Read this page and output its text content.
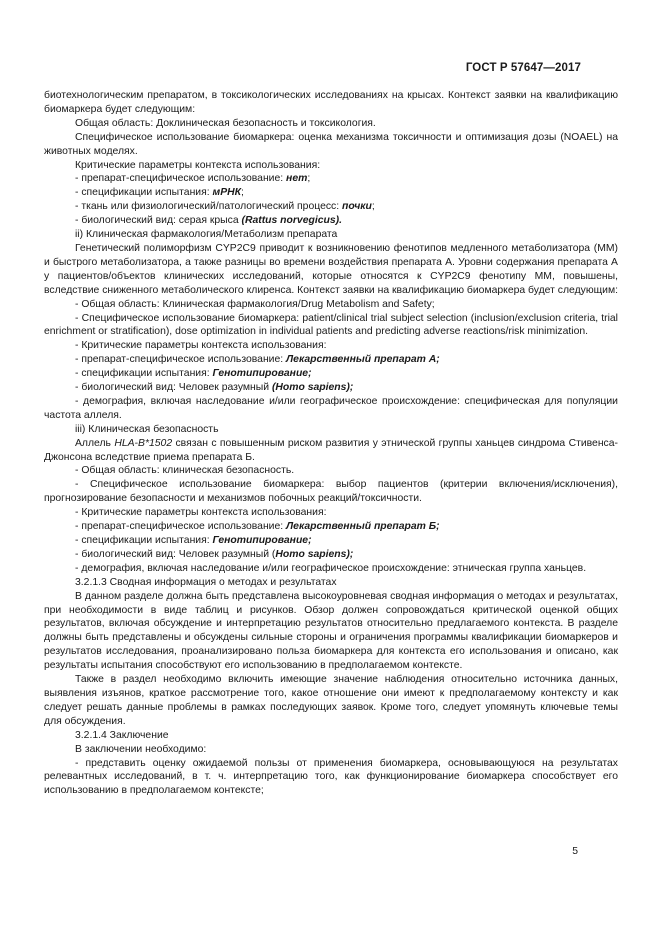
ГОСТ Р 57647—2017

биотехнологическим препаратом, в токсикологических исследованиях на крысах. Контекст заявки на квалификацию биомаркера будет следующим:

Общая область: Доклиническая безопасность и токсикология.

Специфическое использование биомаркера: оценка механизма токсичности и оптимизация дозы (NOAEL) на животных моделях.

Критические параметры контекста использования:

- препарат-специфическое использование: нет;

- спецификации испытания: мРНК;

- ткань или физиологический/патологический процесс: почки;

- биологический вид: серая крыса (Rattus norvegicus).

ii) Клиническая фармакология/Метаболизм препарата

Генетический полиморфизм CYP2C9 приводит к возникновению фенотипов медленного метаболизатора (ММ) и быстрого метаболизатора, а также разницы во времени воздействия препарата А. Уровни содержания препарата А у пациентов/объектов клинических исследований, которые относятся к CYP2C9 фенотипу ММ, повышены, вследствие сниженного метаболического клиренса. Контекст заявки на квалификацию биомаркера будет следующим:

- Общая область: Клиническая фармакология/Drug Metabolism and Safety;

- Специфическое использование биомаркера: patient/clinical trial subject selection (inclusion/exclusion criteria, trial enrichment or stratification), dose optimization in individual patients and predicting adverse reactions/risk minimization.

- Критические параметры контекста использования:

- препарат-специфическое использование: Лекарственный препарат А;

- спецификации испытания: Генотипирование;

- биологический вид: Человек разумный (Homo sapiens);

- демография, включая наследование и/или географическое происхождение: специфическая для популяции частота аллеля.

iii) Клиническая безопасность

Аллель HLA-B*1502 связан с повышенным риском развития у этнической группы ханьцев синдрома Стивенса-Джонсона вследствие приема препарата Б.

- Общая область: клиническая безопасность.

- Специфическое использование биомаркера: выбор пациентов (критерии включения/исключения), прогнозирование безопасности и механизмов побочных реакций/токсичности.

- Критические параметры контекста использования:

- препарат-специфическое использование: Лекарственный препарат Б;

- спецификации испытания: Генотипирование;

- биологический вид: Человек разумный (Homo sapiens);

- демография, включая наследование и/или географическое происхождение: этническая группа ханьцев.

3.2.1.3 Сводная информация о методах и результатах

В данном разделе должна быть представлена высокоуровневая сводная информация о методах и результатах, при необходимости в виде таблиц и рисунков. Обзор должен сопровождаться критической оценкой общих результатов, включая обсуждение и интерпретацию результатов относительно предлагаемого контекста. В разделе должны быть представлены и обсуждены сильные стороны и ограничения программы квалификации биомаркеров и результатов исследования, проанализировано польза биомаркера для контекста его использования и описано, как результаты испытания способствуют его использованию в предполагаемом контексте.

Также в раздел необходимо включить имеющие значение наблюдения относительно источника данных, выявления изъянов, краткое рассмотрение того, какое отношение они имеют к предполагаемому контексту и как следует решать данные проблемы в рамках последующих заявок. Кроме того, следует упомянуть ключевые темы для обсуждения.

3.2.1.4 Заключение

В заключении необходимо:

- представить оценку ожидаемой пользы от применения биомаркера, основывающуюся на результатах релевантных исследований, в т. ч. интерпретацию того, как функционирование биомаркера способствует его использованию в предполагаемом контексте;

5
